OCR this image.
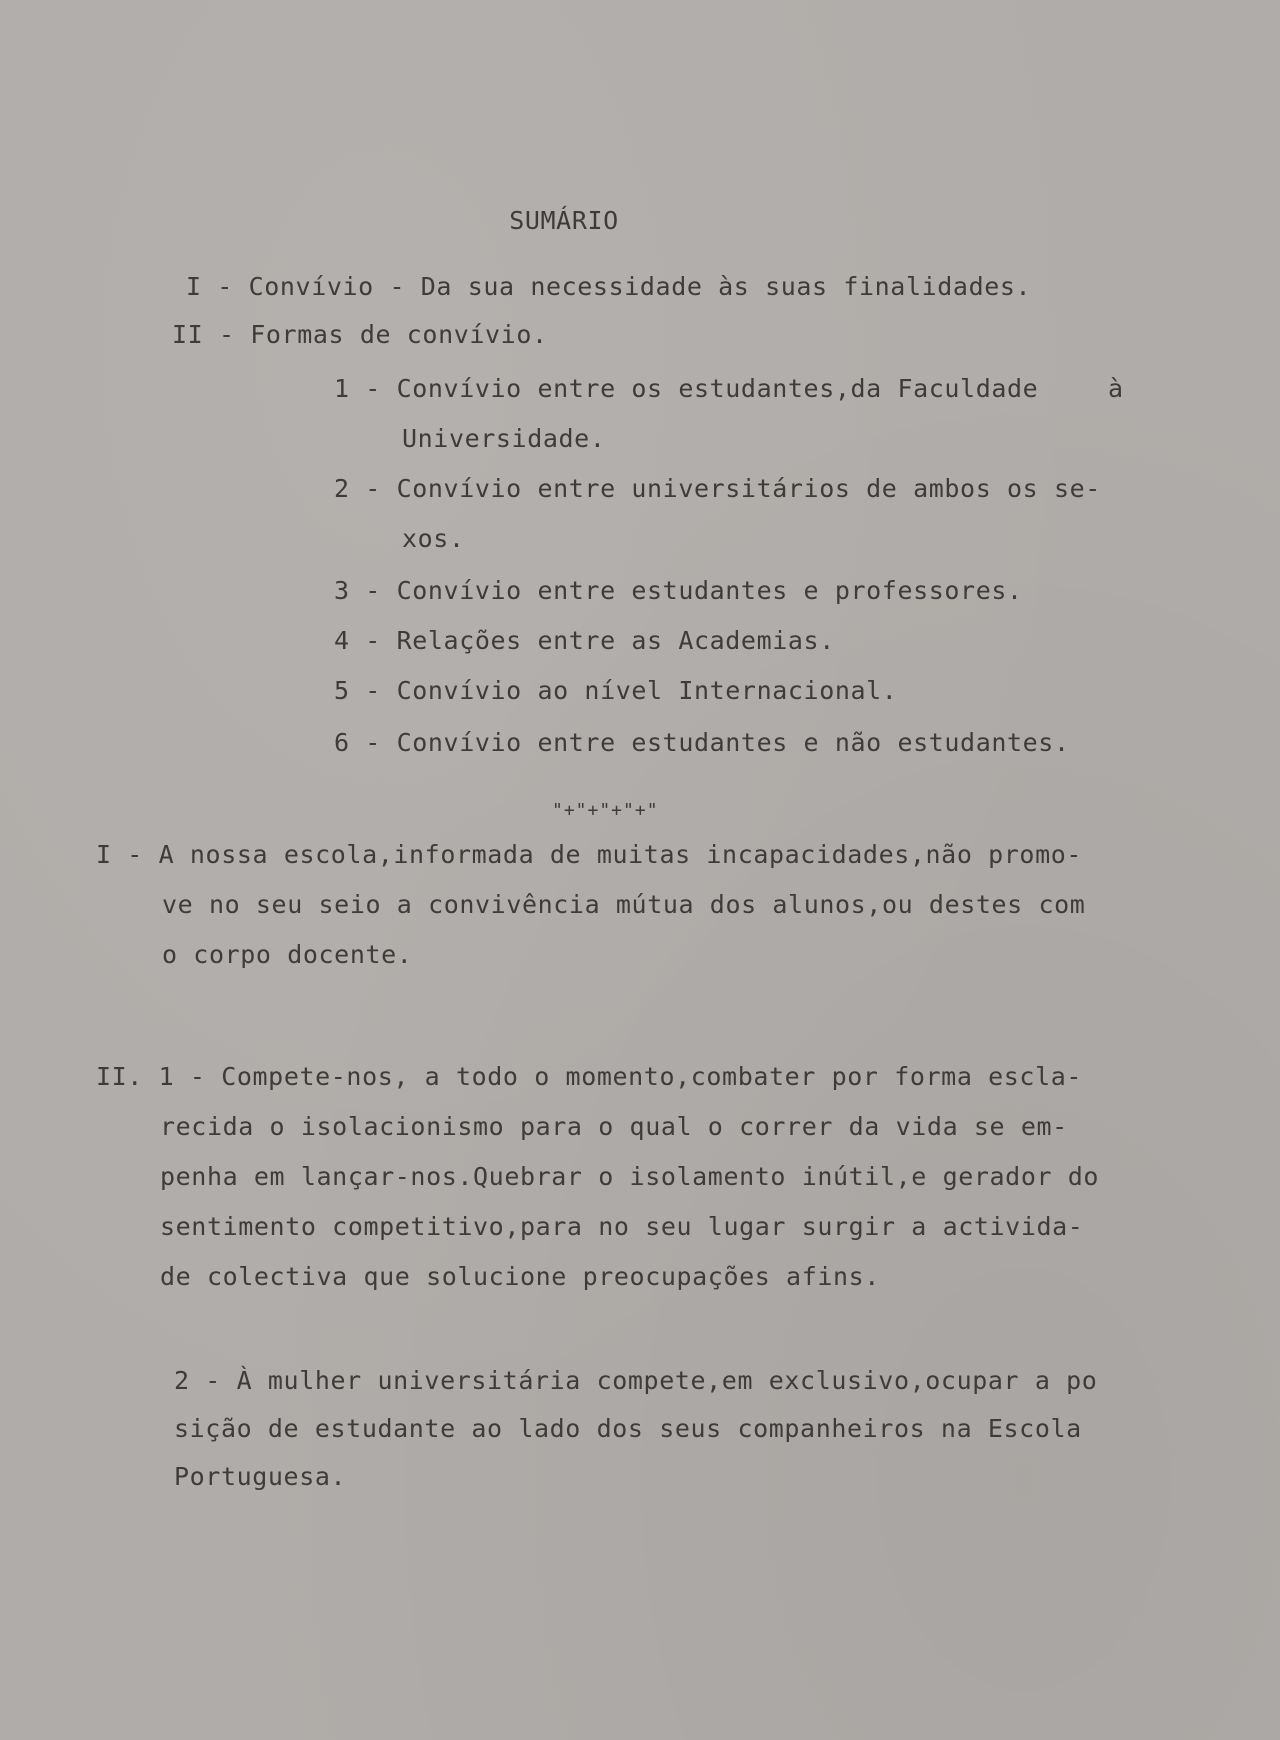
SUMÁRIO
I - Convívio - Da sua necessidade às suas finalidades.
II - Formas de convívio.
1 - Convívio entre os estudantes,da Faculdade	à
Universidade.
2 - Convívio entre universitários de ambos os se-
xos.
3 - Convívio entre estudantes e professores.
4 - Relações entre as Academias.
5 - Convívio ao nível Internacional.
6 - Convívio entre estudantes e não estudantes.
"+"+"+"+"
I - A nossa escola,informada de muitas incapacidades,não promo-
ve no seu seio a convivência mútua dos alunos,ou destes com
o corpo docente.
II. 1 - Compete-nos, a todo o momento,combater por forma escla-
recida o isolacionismo para o qual o correr da vida se em-
penha em lançar-nos.Quebrar o isolamento inútil,e gerador do
sentimento competitivo,para no seu lugar surgir a activida-
de colectiva que solucione preocupações afins.
2 - À mulher universitária compete,em exclusivo,ocupar a po
sição de estudante ao lado dos seus companheiros na Escola
Portuguesa.
